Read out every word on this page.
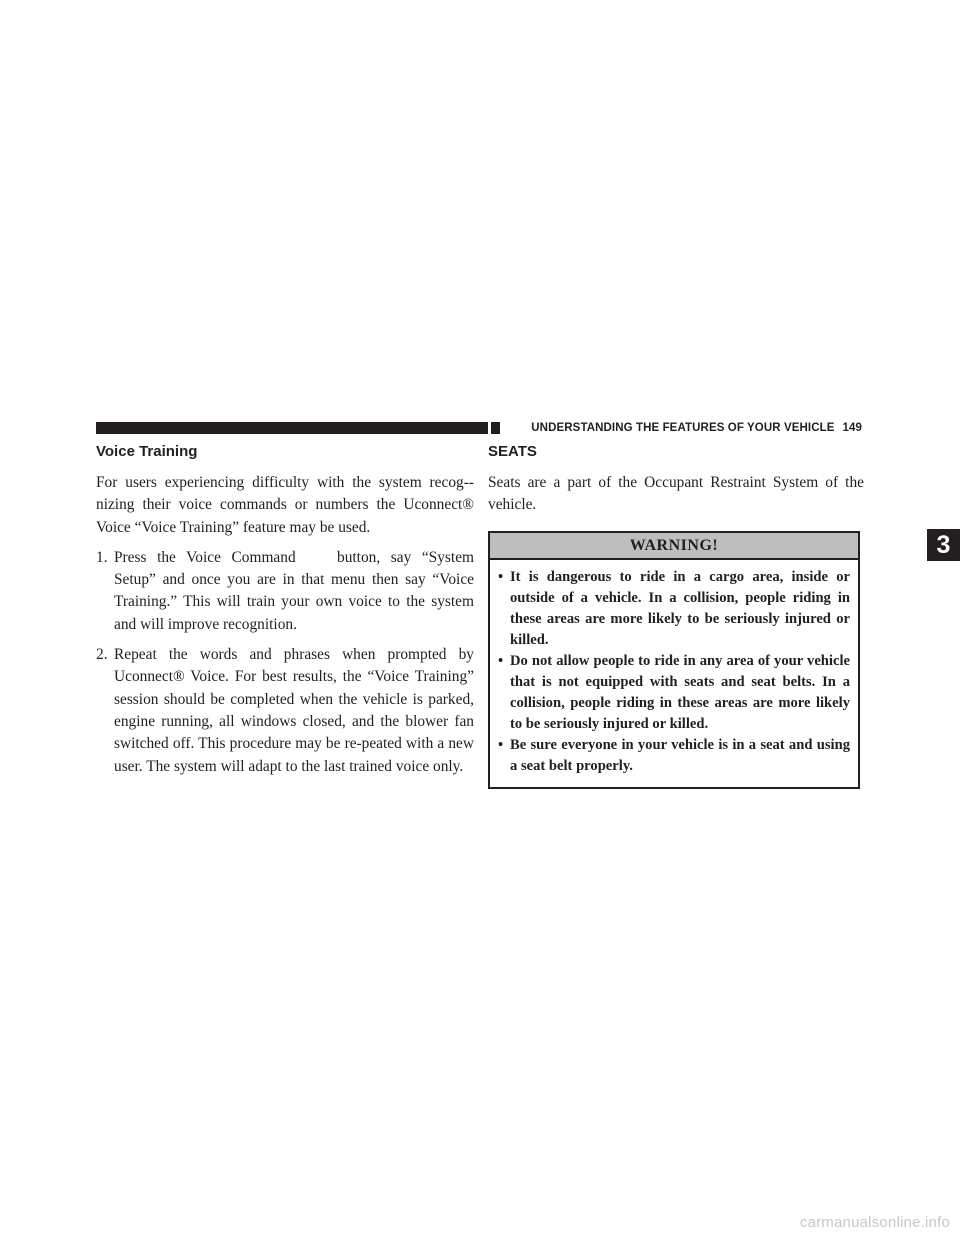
UNDERSTANDING THE FEATURES OF YOUR VEHICLE 149
Voice Training

For users experiencing difficulty with the system recog-nizing their voice commands or numbers the Uconnect® Voice “Voice Training” feature may be used.

1. Press the Voice Command   button, say “System Setup” and once you are in that menu then say “Voice Training.” This will train your own voice to the system and will improve recognition.
2. Repeat the words and phrases when prompted by Uconnect® Voice. For best results, the “Voice Training” session should be completed when the vehicle is parked, engine running, all windows closed, and the blower fan switched off. This procedure may be re-peated with a new user. The system will adapt to the last trained voice only.
SEATS

Seats are a part of the Occupant Restraint System of the vehicle.

WARNING!
• It is dangerous to ride in a cargo area, inside or outside of a vehicle. In a collision, people riding in these areas are more likely to be seriously injured or killed.
• Do not allow people to ride in any area of your vehicle that is not equipped with seats and seat belts. In a collision, people riding in these areas are more likely to be seriously injured or killed.
• Be sure everyone in your vehicle is in a seat and using a seat belt properly.
3
carmanualsonline.info
